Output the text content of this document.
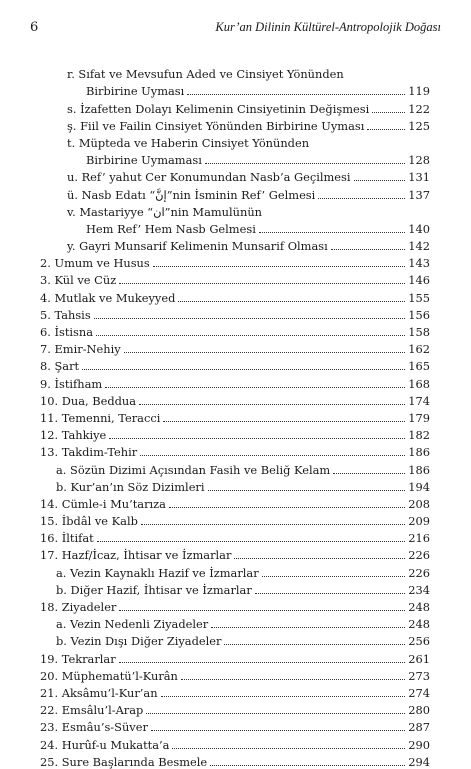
6	Kur’an Dilinin Kültürel-Antropolojik Doğası
r. Sıfat ve Mevsufun Aded ve Cinsiyet Yönünden
Birbirine Uyması	119
s. İzafetten Dolayı Kelimenin Cinsiyetinin Değişmesi	122
ş. Fiil ve Failin Cinsiyet Yönünden Birbirine Uyması	125
t. Müpteda ve Haberin Cinsiyet Yönünden
Birbirine Uymaması	128
u. Ref’ yahut Cer Konumundan Nasb’a Geçilmesi	131
ü. Nasb Edatı “إنَّ”nin İsminin Ref’ Gelmesi	137
v. Mastariyye “ان”nin Mamulünün
Hem Ref’ Hem Nasb Gelmesi	140
y. Gayri Munsarif Kelimenin Munsarif Olması	142
2. Umum ve Husus	143
3. Kül ve Cüz	146
4. Mutlak ve Mukeyyed	155
5. Tahsis	156
6. İstisna	158
7. Emir-Nehiy	162
8. Şart	165
9. İstifham	168
10. Dua, Beddua	174
11. Temenni, Teracci	179
12. Tahkiye	182
13. Takdim-Tehir	186
a. Sözün Dizimi Açısından Fasih ve Beliğ Kelam	186
b. Kur’an’ın Söz Dizimleri	194
14. Cümle-i Mu’tarıza	208
15. İbdâl ve Kalb	209
16. İltifat	216
17. Hazf/İcaz, İhtisar ve İzmarlar	226
a. Vezin Kaynaklı Hazif ve İzmarlar	226
b. Diğer Hazif, İhtisar ve İzmarlar	234
18. Ziyadeler	248
a. Vezin Nedenli Ziyadeler	248
b. Vezin Dışı Diğer Ziyadeler	256
19. Tekrarlar	261
20. Müphematü’l-Kurân	273
21. Aksâmu’l-Kur’an	274
22. Emsâlu’l-Arap	280
23. Esmâu’s-Süver	287
24. Hurûf-u Mukatta’a	290
25. Sure Başlarında Besmele	294
